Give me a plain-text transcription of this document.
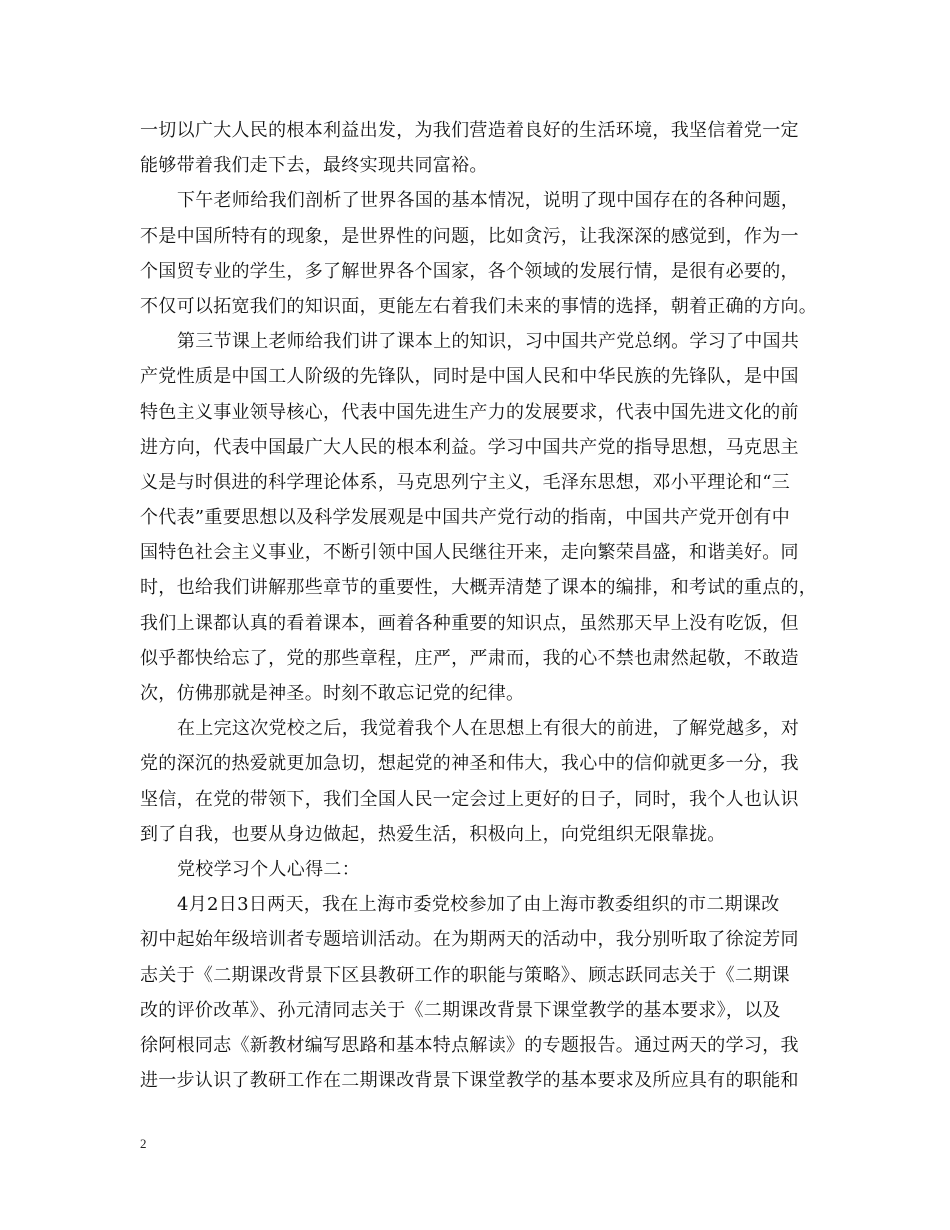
一切以广大人民的根本利益出发，为我们营造着良好的生活环境，我坚信着党一定
能够带着我们走下去，最终实现共同富裕。

下午老师给我们剖析了世界各国的基本情况，说明了现中国存在的各种问题，
不是中国所特有的现象，是世界性的问题，比如贪污，让我深深的感觉到，作为一
个国贸专业的学生，多了解世界各个国家，各个领域的发展行情，是很有必要的，
不仅可以拓宽我们的知识面，更能左右着我们未来的事情的选择，朝着正确的方向。

第三节课上老师给我们讲了课本上的知识，习中国共产党总纲。学习了中国共
产党性质是中国工人阶级的先锋队，同时是中国人民和中华民族的先锋队，是中国
特色主义事业领导核心，代表中国先进生产力的发展要求，代表中国先进文化的前
进方向，代表中国最广大人民的根本利益。学习中国共产党的指导思想，马克思主
义是与时俱进的科学理论体系，马克思列宁主义，毛泽东思想，邓小平理论和“三
个代表”重要思想以及科学发展观是中国共产党行动的指南，中国共产党开创有中
国特色社会主义事业，不断引领中国人民继往开来，走向繁荣昌盛，和谐美好。同
时，也给我们讲解那些章节的重要性，大概弄清楚了课本的编排，和考试的重点的，
我们上课都认真的看着课本，画着各种重要的知识点，虽然那天早上没有吃饭，但
似乎都快给忘了，党的那些章程，庄严，严肃而，我的心不禁也肃然起敬，不敢造
次，仿佛那就是神圣。时刻不敢忘记党的纪律。

在上完这次党校之后，我觉着我个人在思想上有很大的前进，了解党越多，对
党的深沉的热爱就更加急切，想起党的神圣和伟大，我心中的信仰就更多一分，我
坚信，在党的带领下，我们全国人民一定会过上更好的日子，同时，我个人也认识
到了自我，也要从身边做起，热爱生活，积极向上，向党组织无限靠拢。

党校学习个人心得二：

4月2日3日两天，我在上海市委党校参加了由上海市教委组织的市二期课改
初中起始年级培训者专题培训活动。在为期两天的活动中，我分别听取了徐淀芳同
志关于《二期课改背景下区县教研工作的职能与策略》、顾志跃同志关于《二期课
改的评价改革》、孙元清同志关于《二期课改背景下课堂教学的基本要求》，以及
徐阿根同志《新教材编写思路和基本特点解读》的专题报告。通过两天的学习，我
进一步认识了教研工作在二期课改背景下课堂教学的基本要求及所应具有的职能和

2
